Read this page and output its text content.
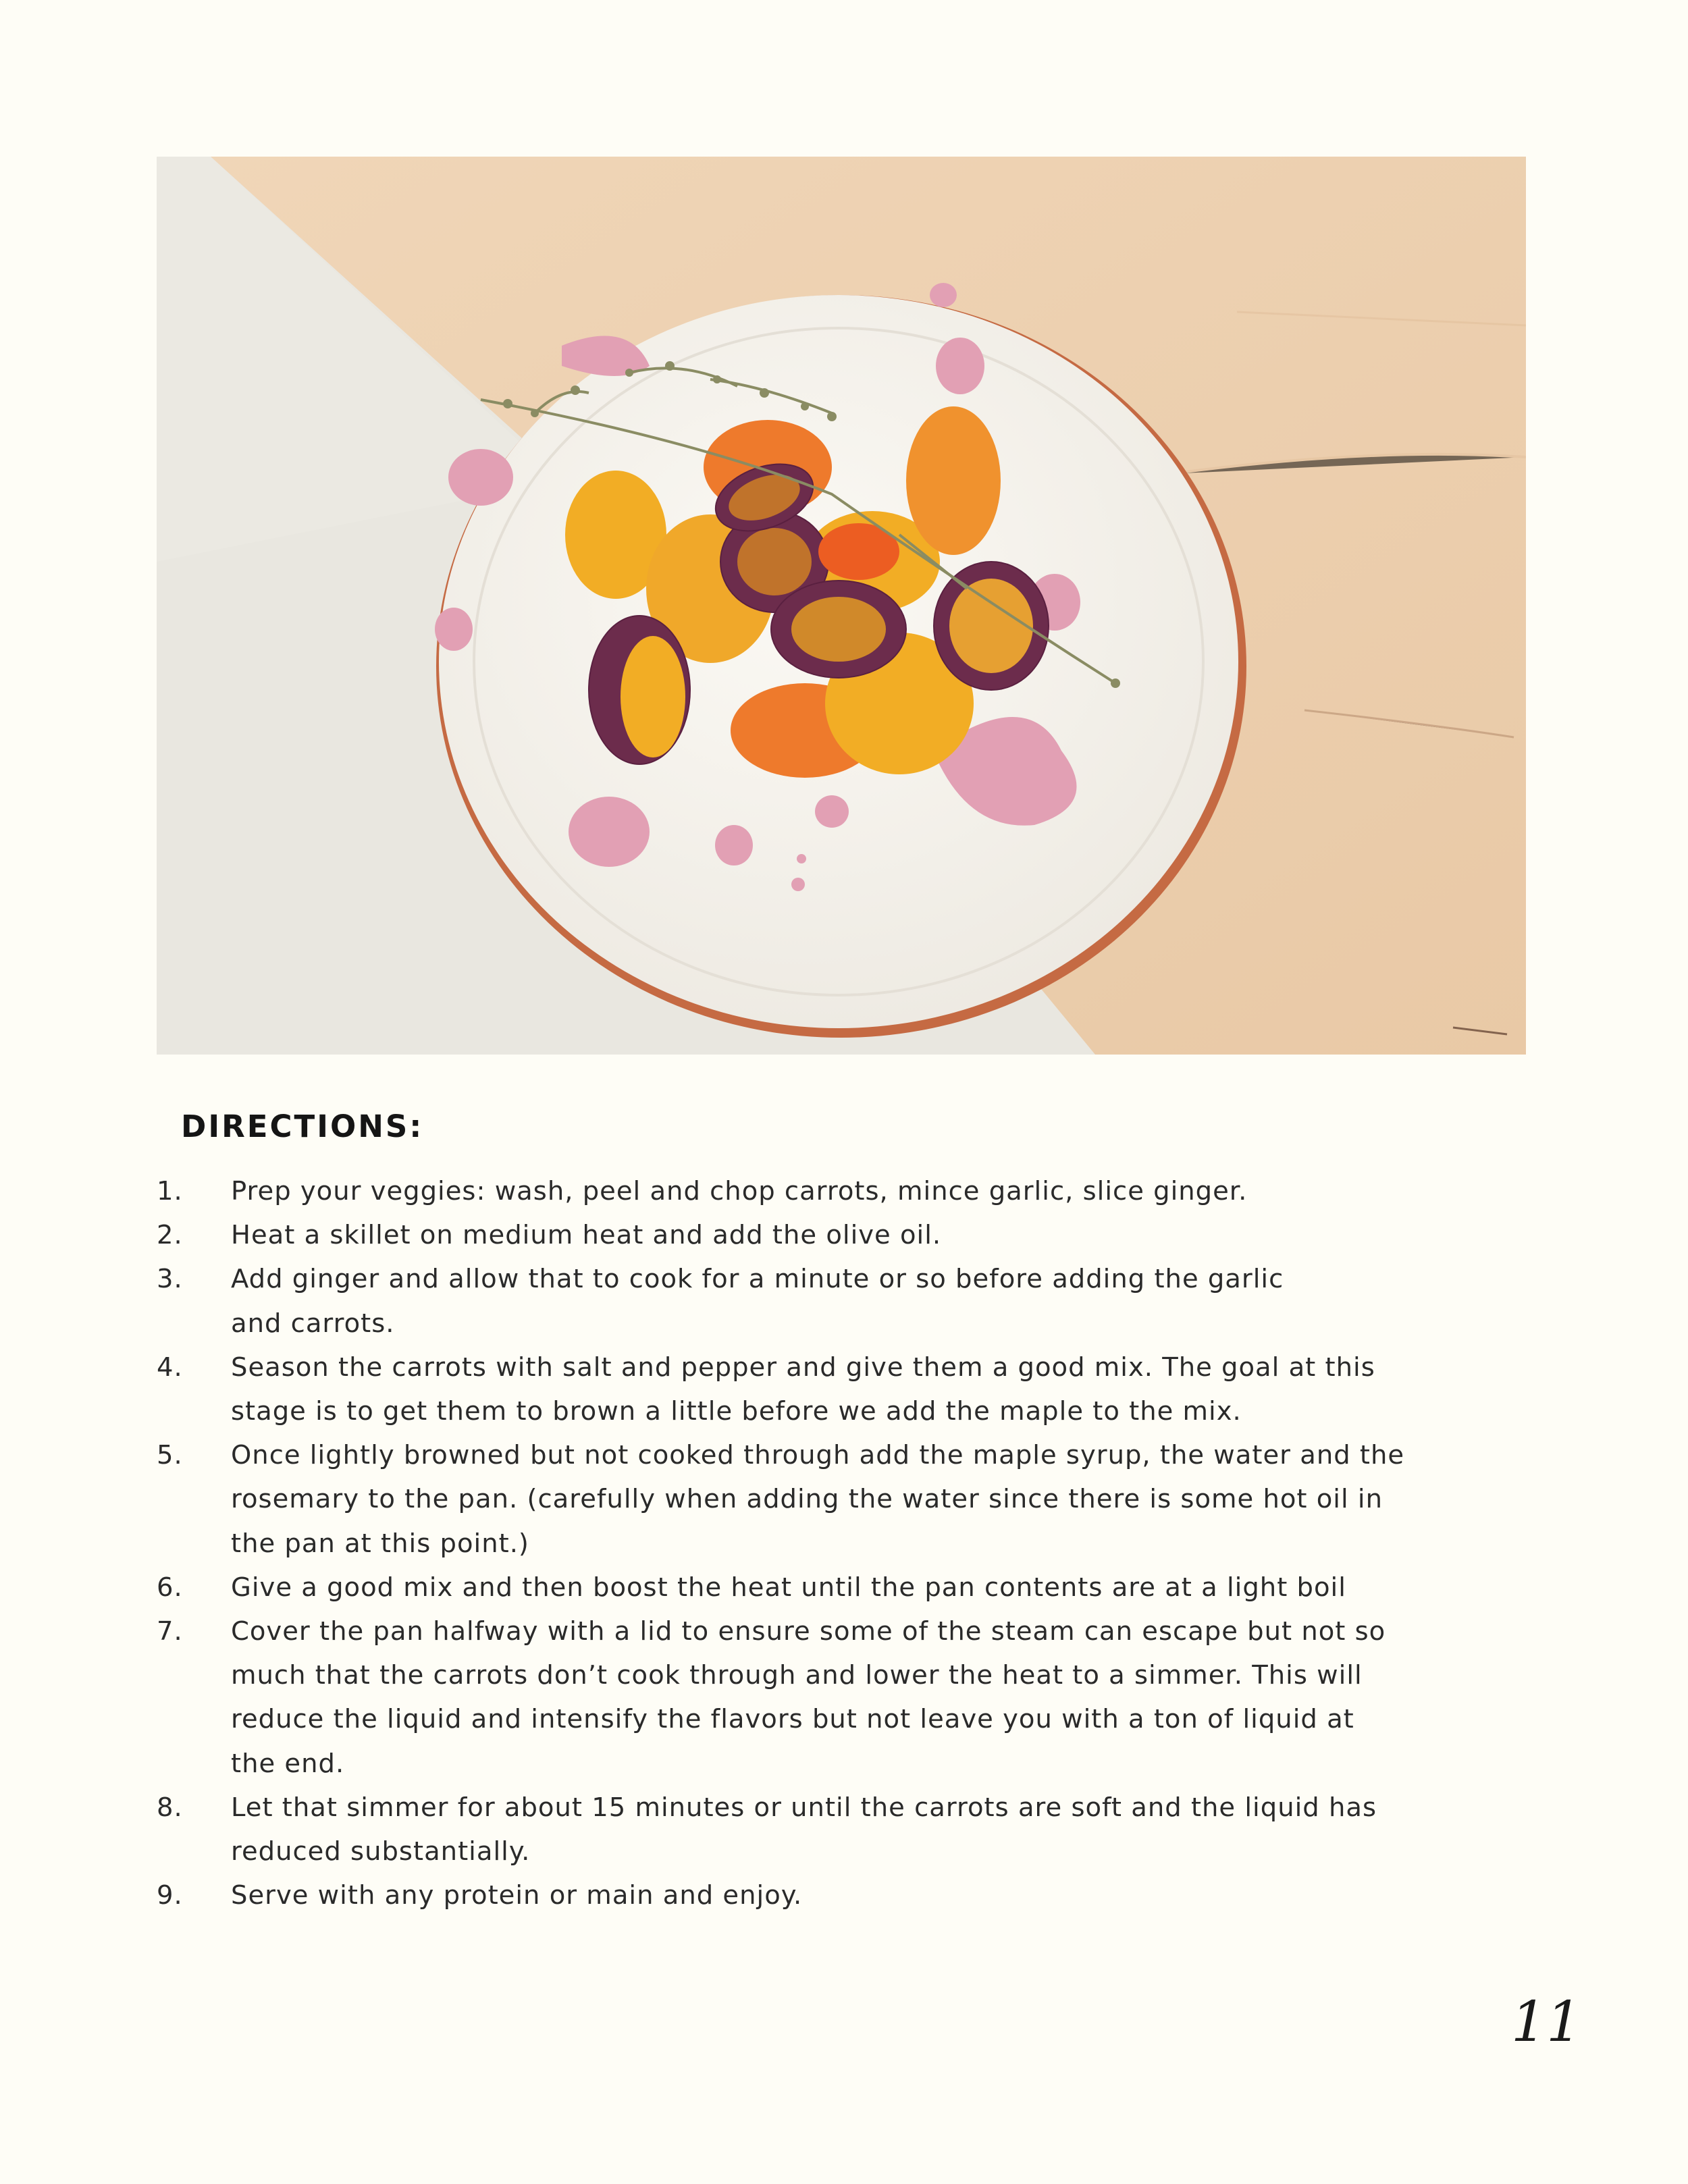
DIRECTIONS:
1. Prep your veggies: wash, peel and chop carrots, mince garlic, slice ginger.
2. Heat a skillet on medium heat and add the olive oil.
3. Add ginger and allow that to cook for a minute or so before adding the garlic
and carrots.
4. Season the carrots with salt and pepper and give them a good mix. The goal at this
stage is to get them to brown a little before we add the maple to the mix.
5. Once lightly browned but not cooked through add the maple syrup, the water and the
rosemary to the pan. (carefully when adding the water since there is some hot oil in
the pan at this point.)
6. Give a good mix and then boost the heat until the pan contents are at a light boil
7. Cover the pan halfway with a lid to ensure some of the steam can escape but not so
much that the carrots don’t cook through and lower the heat to a simmer. This will
reduce the liquid and intensify the flavors but not leave you with a ton of liquid at
the end.
8. Let that simmer for about 15 minutes or until the carrots are soft and the liquid has
reduced substantially.
9. Serve with any protein or main and enjoy.
11
